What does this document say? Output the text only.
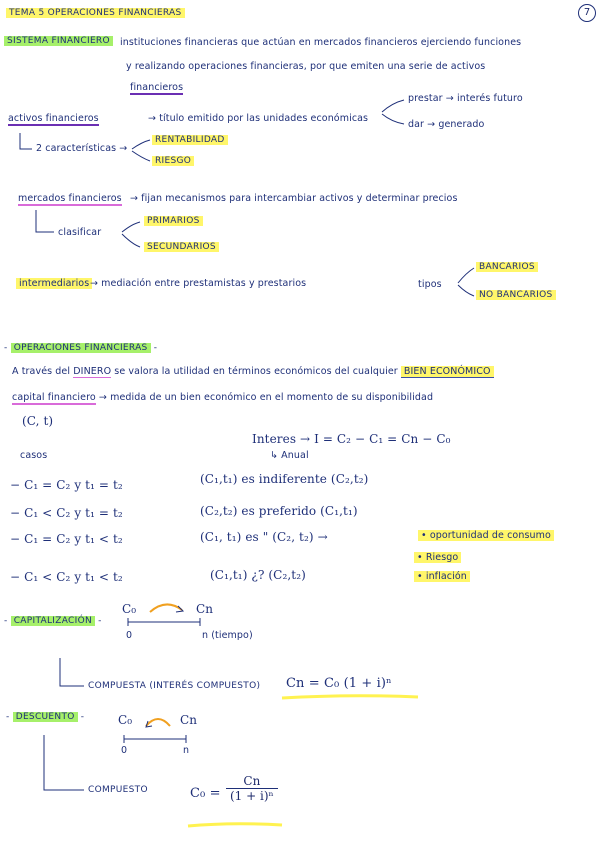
TEMA 5 OPERACIONES FINANCIERAS	7
SISTEMA FINANCIERO	instituciones financieras que actúan en mercados financieros ejerciendo funciones
y realizando operaciones financieras, por que emiten una serie de activos
financieros
activos financieros	→ título emitido por las unidades económicas
prestar → interés futuro
dar → generado
2 características →
RENTABILIDAD
RIESGO
mercados financieros → fijan mecanismos para intercambiar activos y determinar precios
clasificar
PRIMARIOS
SECUNDARIOS
intermediarios → mediación entre prestamistas y prestarios	tipos
BANCARIOS
NO BANCARIOS
- OPERACIONES FINANCIERAS -
A través del DINERO se valora la utilidad en términos económicos del cualquier BIEN ECONÓMICO
capital financiero → medida de un bien económico en el momento de su disponibilidad
(C, t)
Interes → I = C₂ − C₁ = Cn − C₀
↳ Anual
casos
− C₁ = C₂ y t₁ = t₂	(C₁,t₁) es indiferente (C₂,t₂)
− C₁ < C₂ y t₁ = t₂	(C₂,t₂) es preferido (C₁,t₁)
− C₁ = C₂ y t₁ < t₂	(C₁, t₁) es " (C₂, t₂) →
− C₁ < C₂ y t₁ < t₂	(C₁,t₁) ¿? (C₂,t₂)
• oportunidad de consumo
• Riesgo
• inflación
- CAPITALIZACIÓN -
C₀	Cn
0	n (tiempo)
COMPUESTA (INTERÉS COMPUESTO) Cn = C₀ (1 + i)ⁿ
- DESCUENTO -	C₀	Cn
0	n
COMPUESTO	$C_0 = \frac{Cn}{\text{(1 + i)ⁿ}}$
